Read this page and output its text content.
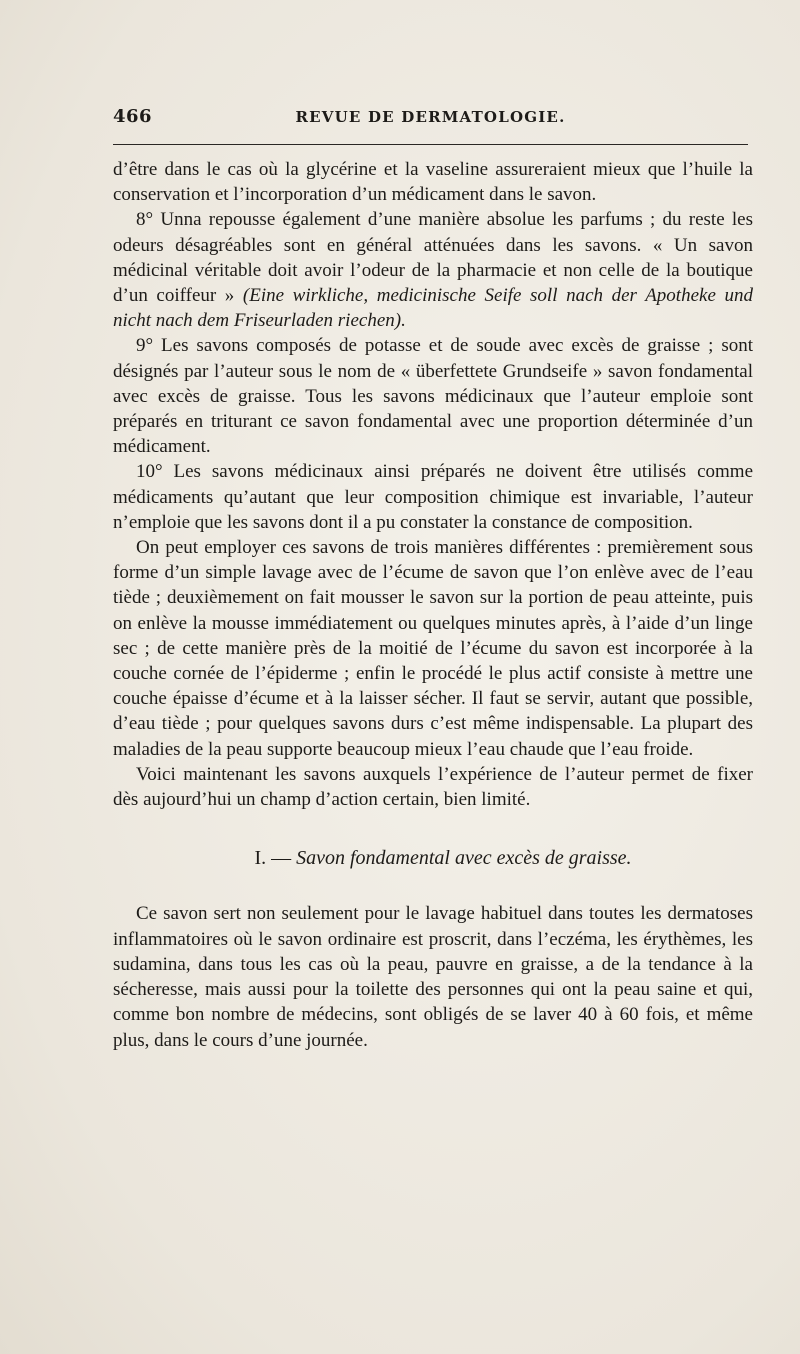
466	REVUE DE DERMATOLOGIE.

d’être dans le cas où la glycérine et la vaseline assureraient mieux que l’huile la conservation et l’incorporation d’un médicament dans le savon.

8° Unna repousse également d’une manière absolue les parfums ; du reste les odeurs désagréables sont en général atténuées dans les savons. « Un savon médicinal véritable doit avoir l’odeur de la pharmacie et non celle de la boutique d’un coiffeur » (Eine wirkliche, medicinische Seife soll nach der Apotheke und nicht nach dem Friseurladen riechen).

9° Les savons composés de potasse et de soude avec excès de graisse ; sont désignés par l’auteur sous le nom de « überfettete Grundseife » savon fondamental avec excès de graisse. Tous les savons médicinaux que l’auteur emploie sont préparés en triturant ce savon fondamental avec une proportion déterminée d’un médicament.

10° Les savons médicinaux ainsi préparés ne doivent être utilisés comme médicaments qu’autant que leur composition chimique est invariable, l’auteur n’emploie que les savons dont il a pu constater la constance de composition.

On peut employer ces savons de trois manières différentes : premièrement sous forme d’un simple lavage avec de l’écume de savon que l’on enlève avec de l’eau tiède ; deuxièmement on fait mousser le savon sur la portion de peau atteinte, puis on enlève la mousse immédiatement ou quelques minutes après, à l’aide d’un linge sec ; de cette manière près de la moitié de l’écume du savon est incorporée à la couche cornée de l’épiderme ; enfin le procédé le plus actif consiste à mettre une couche épaisse d’écume et à la laisser sécher. Il faut se servir, autant que possible, d’eau tiède ; pour quelques savons durs c’est même indispensable. La plupart des maladies de la peau supporte beaucoup mieux l’eau chaude que l’eau froide.

Voici maintenant les savons auxquels l’expérience de l’auteur permet de fixer dès aujourd’hui un champ d’action certain, bien limité.

I. — Savon fondamental avec excès de graisse.

Ce savon sert non seulement pour le lavage habituel dans toutes les dermatoses inflammatoires où le savon ordinaire est proscrit, dans l’eczéma, les érythèmes, les sudamina, dans tous les cas où la peau, pauvre en graisse, a de la tendance à la sécheresse, mais aussi pour la toilette des personnes qui ont la peau saine et qui, comme bon nombre de médecins, sont obligés de se laver 40 à 60 fois, et même plus, dans le cours d’une journée.
